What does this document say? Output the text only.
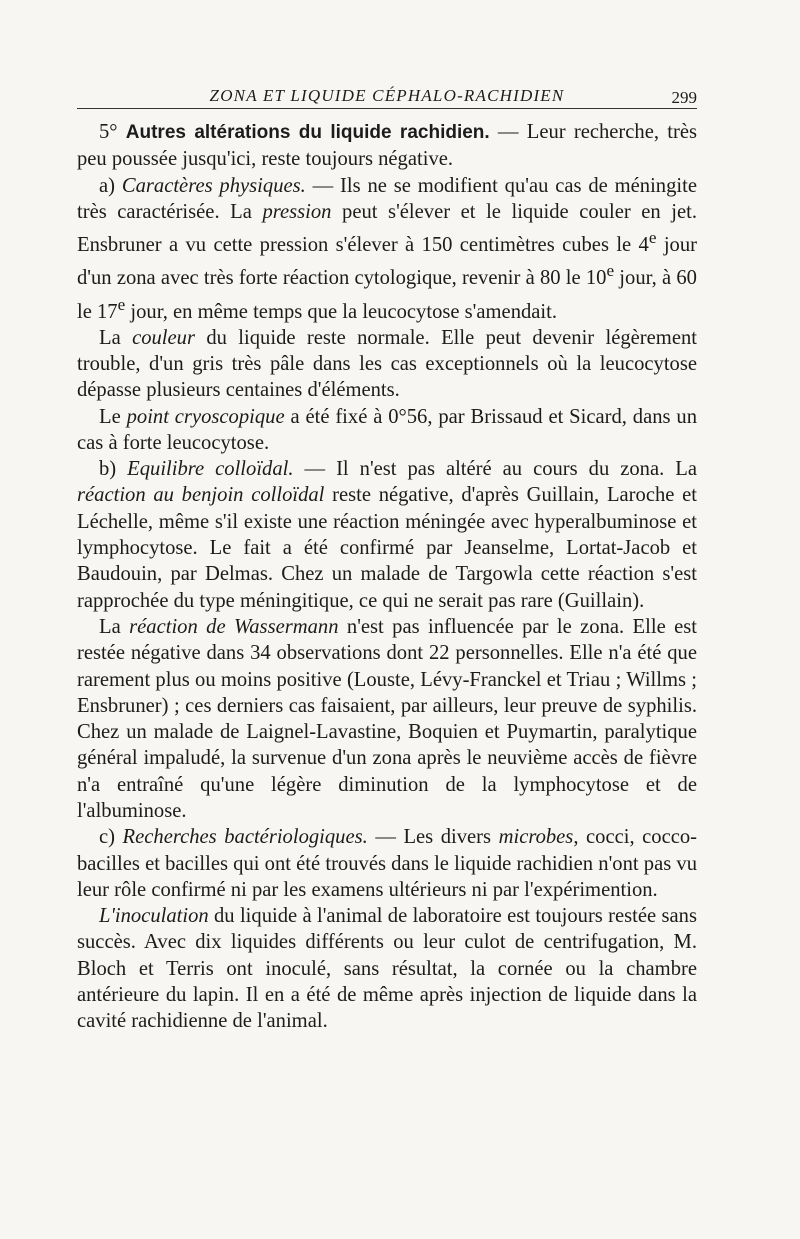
ZONA ET LIQUIDE CÉPHALO-RACHIDIEN	299

5° Autres altérations du liquide rachidien. — Leur recherche, très peu poussée jusqu'ici, reste toujours négative.

a) Caractères physiques. — Ils ne se modifient qu'au cas de méningite très caractérisée. La pression peut s'élever et le liquide couler en jet. Ensbruner a vu cette pression s'élever à 150 centimètres cubes le 4e jour d'un zona avec très forte réaction cytologique, revenir à 80 le 10e jour, à 60 le 17e jour, en même temps que la leucocytose s'amendait.

La couleur du liquide reste normale. Elle peut devenir légèrement trouble, d'un gris très pâle dans les cas exceptionnels où la leucocytose dépasse plusieurs centaines d'éléments.

Le point cryoscopique a été fixé à 0°56, par Brissaud et Sicard, dans un cas à forte leucocytose.

b) Equilibre colloïdal. — Il n'est pas altéré au cours du zona. La réaction au benjoin colloïdal reste négative, d'après Guillain, Laroche et Léchelle, même s'il existe une réaction méningée avec hyperalbuminose et lymphocytose. Le fait a été confirmé par Jeanselme, Lortat-Jacob et Baudouin, par Delmas. Chez un malade de Targowla cette réaction s'est rapprochée du type méningitique, ce qui ne serait pas rare (Guillain).

La réaction de Wassermann n'est pas influencée par le zona. Elle est restée négative dans 34 observations dont 22 personnelles. Elle n'a été que rarement plus ou moins positive (Louste, Lévy-Franckel et Triau ; Willms ; Ensbruner) ; ces derniers cas faisaient, par ailleurs, leur preuve de syphilis. Chez un malade de Laignel-Lavastine, Boquien et Puymartin, paralytique général impaludé, la survenue d'un zona après le neuvième accès de fièvre n'a entraîné qu'une légère diminution de la lymphocytose et de l'albuminose.

c) Recherches bactériologiques. — Les divers microbes, cocci, cocco-bacilles et bacilles qui ont été trouvés dans le liquide rachidien n'ont pas vu leur rôle confirmé ni par les examens ultérieurs ni par l'expérimention.

L'inoculation du liquide à l'animal de laboratoire est toujours restée sans succès. Avec dix liquides différents ou leur culot de centrifugation, M. Bloch et Terris ont inoculé, sans résultat, la cornée ou la chambre antérieure du lapin. Il en a été de même après injection de liquide dans la cavité rachidienne de l'animal.
